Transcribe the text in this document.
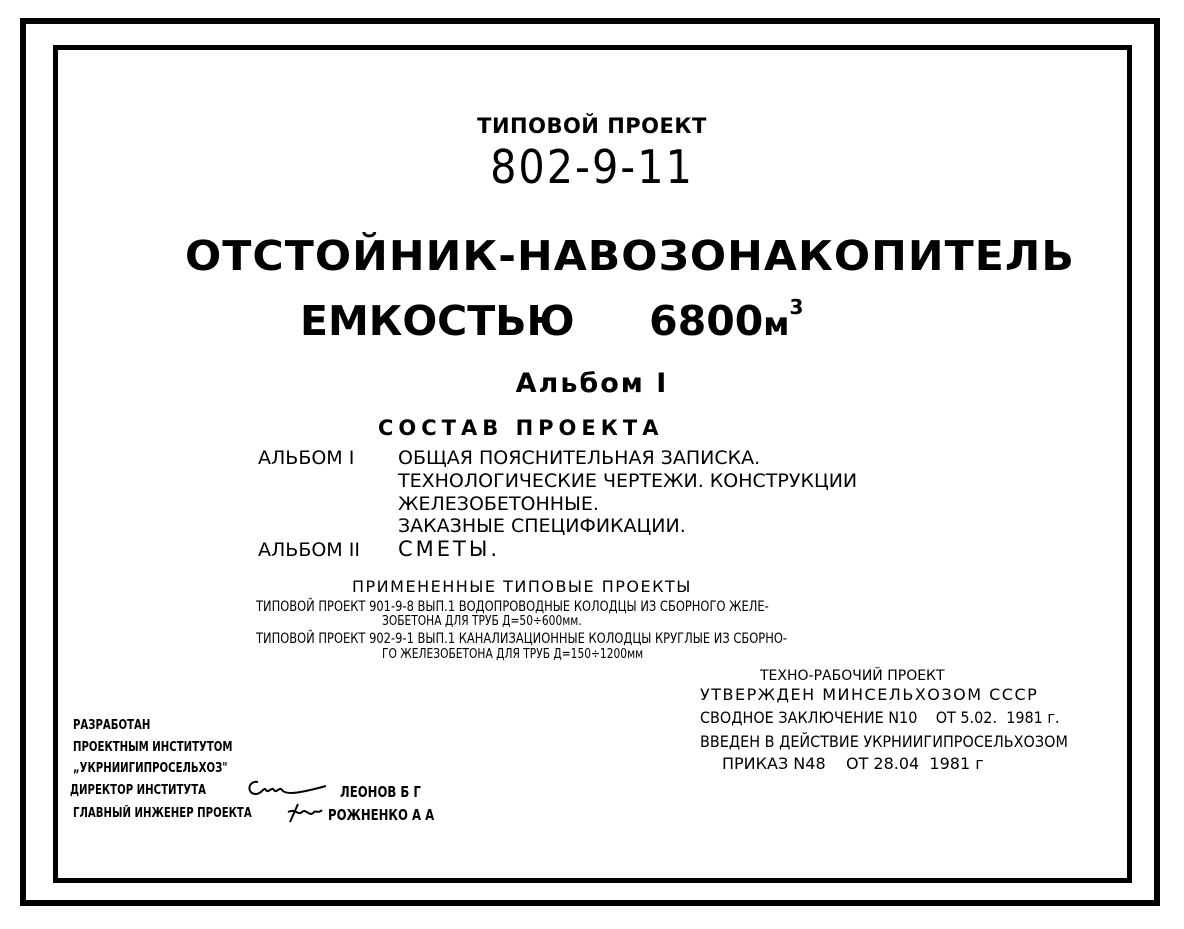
ТИПОВОЙ ПРОЕКТ
802-9-11
ОТСТОЙНИК-НАВОЗОНАКОПИТЕЛЬ
ЕМКОСТЬЮ $6800м^3$
Альбом I
СОСТАВ ПРОЕКТА
АЛЬБОМ I ОБЩАЯ ПОЯСНИТЕЛЬНАЯ ЗАПИСКА.
ТЕХНОЛОГИЧЕСКИЕ ЧЕРТЕЖИ. КОНСТРУКЦИИ
ЖЕЛЕЗОБЕТОННЫЕ.
ЗАКАЗНЫЕ СПЕЦИФИКАЦИИ.
АЛЬБОМ II СМЕТЫ.
ПРИМЕНЕННЫЕ ТИПОВЫЕ ПРОЕКТЫ
ТИПОВОЙ ПРОЕКТ 901-9-8 ВЫП.1 ВОДОПРОВОДНЫЕ КОЛОДЦЫ ИЗ СБОРНОГО ЖЕЛЕ-
ЗОБЕТОНА ДЛЯ ТРУБ Д=50÷600мм.
ТИПОВОЙ ПРОЕКТ 902-9-1 ВЫП.1 КАНАЛИЗАЦИОННЫЕ КОЛОДЦЫ КРУГЛЫЕ ИЗ СБОРНО-
ГО ЖЕЛЕЗОБЕТОНА ДЛЯ ТРУБ Д=150÷1200мм
ТЕХНО-РАБОЧИЙ ПРОЕКТ
УТВЕРЖДЕН МИНСЕЛЬХОЗОМ СССР
СВОДНОЕ ЗАКЛЮЧЕНИЕ N10    ОТ 5.02.  1981 г.
ВВЕДЕН В ДЕЙСТВИЕ УКРНИИГИПРОСЕЛЬХОЗОМ
ПРИКАЗ N48    ОТ 28.04  1981 г
РАЗРАБОТАН
ПРОЕКТНЫМ ИНСТИТУТОМ
„УКРНИИГИПРОСЕЛЬХОЗ"
ДИРЕКТОР ИНСТИТУТА	ЛЕОНОВ Б Г
ГЛАВНЫЙ ИНЖЕНЕР ПРОЕКТА	РОЖНЕНКО А А
